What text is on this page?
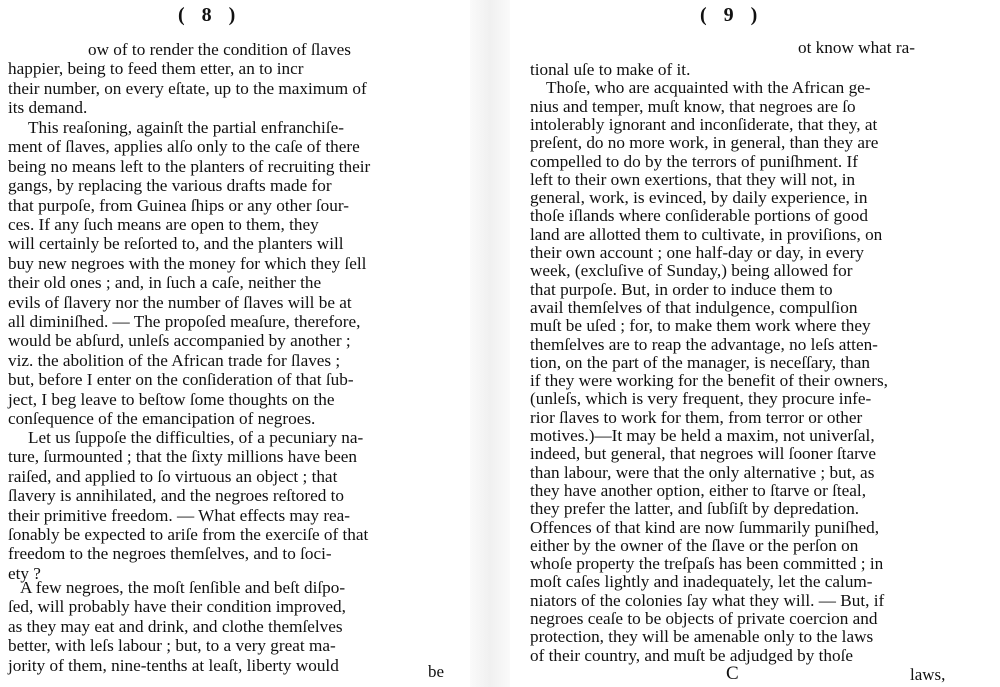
( 8 )
ow of to render the condition of ſlaves
happier, being to feed them etter, an to incr
their number, on every eſtate, up to the maximum of
its demand.
This reaſoning, againſt the partial enfranchiſe-
ment of ſlaves, applies alſo only to the caſe of there
being no means left to the planters of recruiting their
gangs, by replacing the various drafts made for
that purpoſe, from Guinea ſhips or any other ſour-
ces. If any ſuch means are open to them, they
will certainly be reſorted to, and the planters will
buy new negroes with the money for which they ſell
their old ones ; and, in ſuch a caſe, neither the
evils of ſlavery nor the number of ſlaves will be at
all diminiſhed. — The propoſed meaſure, therefore,
would be abſurd, unleſs accompanied by another ;
viz. the abolition of the African trade for ſlaves ;
but, before I enter on the conſideration of that ſub-
ject, I beg leave to beſtow ſome thoughts on the
conſequence of the emancipation of negroes.
Let us ſuppoſe the difficulties, of a pecuniary na-
ture, ſurmounted ; that the ſixty millions have been
raiſed, and applied to ſo virtuous an object ; that
ſlavery is annihilated, and the negroes reſtored to
their primitive freedom. — What effects may rea-
ſonably be expected to ariſe from the exerciſe of that
freedom to the negroes themſelves, and to ſoci-
ety ?
A few negroes, the moſt ſenſible and beſt diſpo-
ſed, will probably have their condition improved,
as they may eat and drink, and clothe themſelves
better, with leſs labour ; but, to a very great ma-
jority of them, nine-tenths at leaſt, liberty would	be
( 9 )
ot know what ra-
tional uſe to make of it.
Thoſe, who are acquainted with the African ge-
nius and temper, muſt know, that negroes are ſo
intolerably ignorant and inconſiderate, that they, at
preſent, do no more work, in general, than they are
compelled to do by the terrors of puniſhment. If
left to their own exertions, that they will not, in
general, work, is evinced, by daily experience, in
thoſe iſlands where conſiderable portions of good
land are allotted them to cultivate, in proviſions, on
their own account ; one half-day or day, in every
week, (excluſive of Sunday,) being allowed for
that purpoſe. But, in order to induce them to
avail themſelves of that indulgence, compulſion
muſt be uſed ; for, to make them work where they
themſelves are to reap the advantage, no leſs atten-
tion, on the part of the manager, is neceſſary, than
if they were working for the benefit of their owners,
(unleſs, which is very frequent, they procure infe-
rior ſlaves to work for them, from terror or other
motives.)—It may be held a maxim, not univerſal,
indeed, but general, that negroes will ſooner ſtarve
than labour, were that the only alternative ; but, as
they have another option, either to ſtarve or ſteal,
they prefer the latter, and ſubſiſt by depredation.
Offences of that kind are now ſummarily puniſhed,
either by the owner of the ſlave or the perſon on
whoſe property the treſpaſs has been committed ; in
moſt caſes lightly and inadequately, let the calum-
niators of the colonies ſay what they will. — But, if
negroes ceaſe to be objects of private coercion and
protection, they will be amenable only to the laws
of their country, and muſt be adjudged by thoſe
C	laws,
